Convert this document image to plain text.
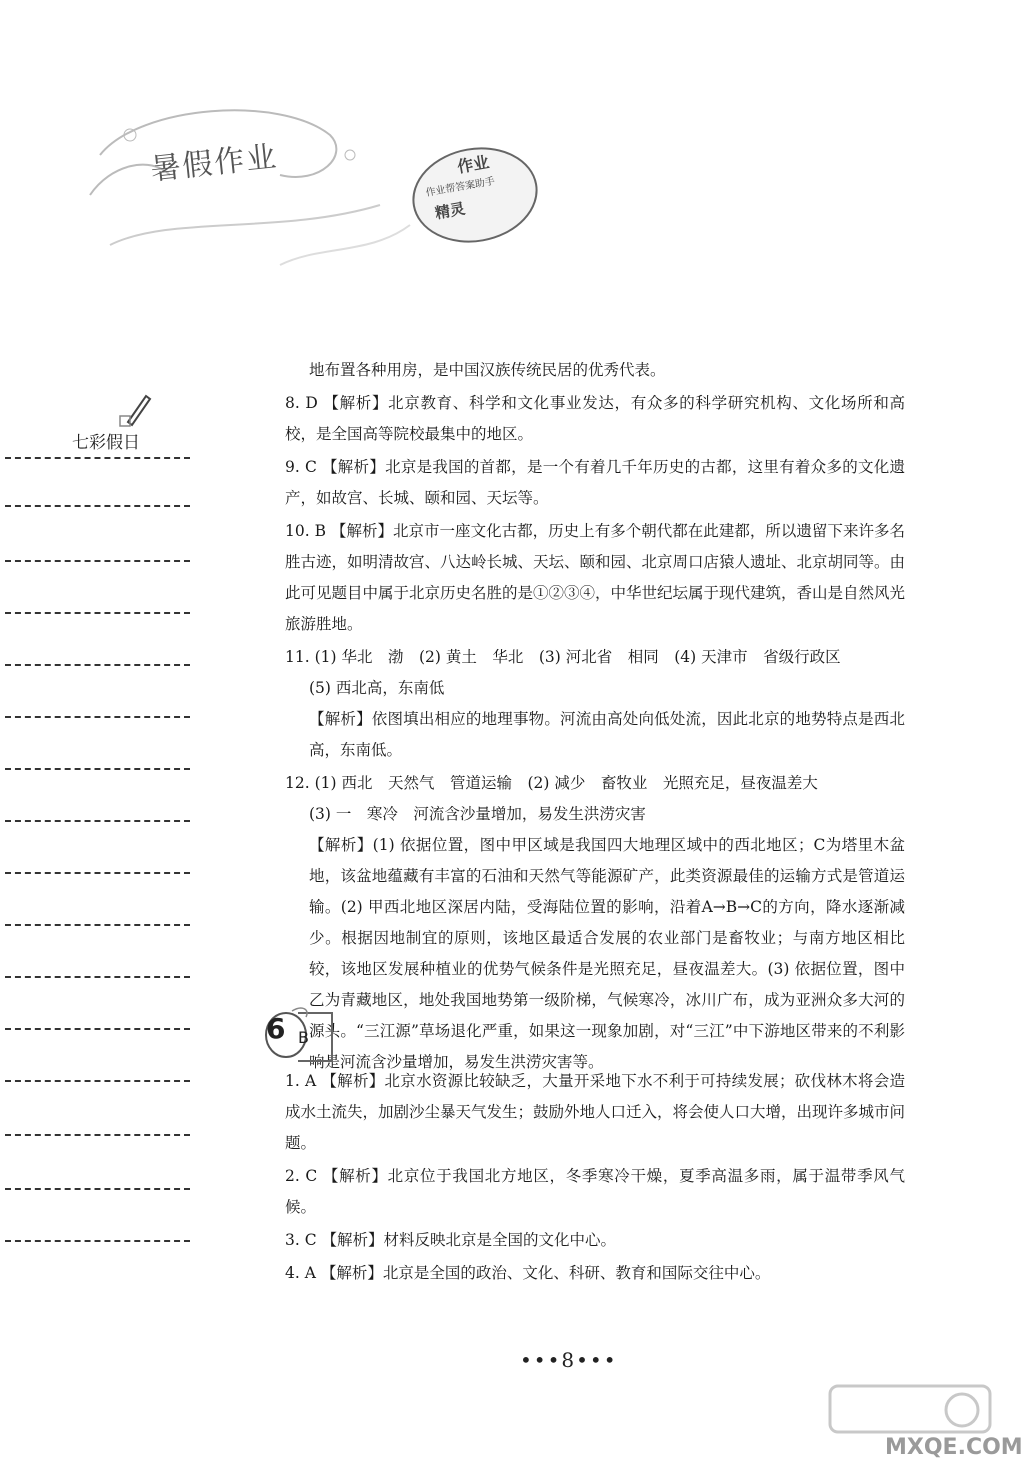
暑假作业	作业
作业帮答案助手
精灵
七彩假日

地布置各种用房，是中国汉族传统民居的优秀代表。

8. D 【解析】北京教育、科学和文化事业发达，有众多的科学研究机构、文化场所和高校，是全国高等院校最集中的地区。

9. C 【解析】北京是我国的首都，是一个有着几千年历史的古都，这里有着众多的文化遗产，如故宫、长城、颐和园、天坛等。

10. B 【解析】北京市一座文化古都，历史上有多个朝代都在此建都，所以遗留下来许多名胜古迹，如明清故宫、八达岭长城、天坛、颐和园、北京周口店猿人遗址、北京胡同等。由此可见题目中属于北京历史名胜的是①②③④，中华世纪坛属于现代建筑，香山是自然风光旅游胜地。

11. (1) 华北　渤　(2) 黄土　华北　(3) 河北省　相同　(4) 天津市　省级行政区

(5) 西北高，东南低

【解析】依图填出相应的地理事物。河流由高处向低处流，因此北京的地势特点是西北高，东南低。

12. (1) 西北　天然气　管道运输　(2) 减少　畜牧业　光照充足，昼夜温差大

(3) 一　寒冷　河流含沙量增加，易发生洪涝灾害

【解析】(1) 依据位置，图中甲区域是我国四大地理区域中的西北地区；C为塔里木盆地，该盆地蕴藏有丰富的石油和天然气等能源矿产，此类资源最佳的运输方式是管道运输。(2) 甲西北地区深居内陆，受海陆位置的影响，沿着A→B→C的方向，降水逐渐减少。根据因地制宜的原则，该地区最适合发展的农业部门是畜牧业；与南方地区相比较，该地区发展种植业的优势气候条件是光照充足，昼夜温差大。(3) 依据位置，图中乙为青藏地区，地处我国地势第一级阶梯，气候寒冷，冰川广布，成为亚洲众多大河的源头。“三江源”草场退化严重，如果这一现象加剧，对“三江”中下游地区带来的不利影响是河流含沙量增加，易发生洪涝灾害等。

6 B

1. A 【解析】北京水资源比较缺乏，大量开采地下水不利于可持续发展；砍伐林木将会造成水土流失，加剧沙尘暴天气发生；鼓励外地人口迁入，将会使人口大增，出现许多城市问题。

2. C 【解析】北京位于我国北方地区，冬季寒冷干燥，夏季高温多雨，属于温带季风气候。

3. C 【解析】材料反映北京是全国的文化中心。

4. A 【解析】北京是全国的政治、文化、科研、教育和国际交往中心。

•••8•••
MXQE.COM
